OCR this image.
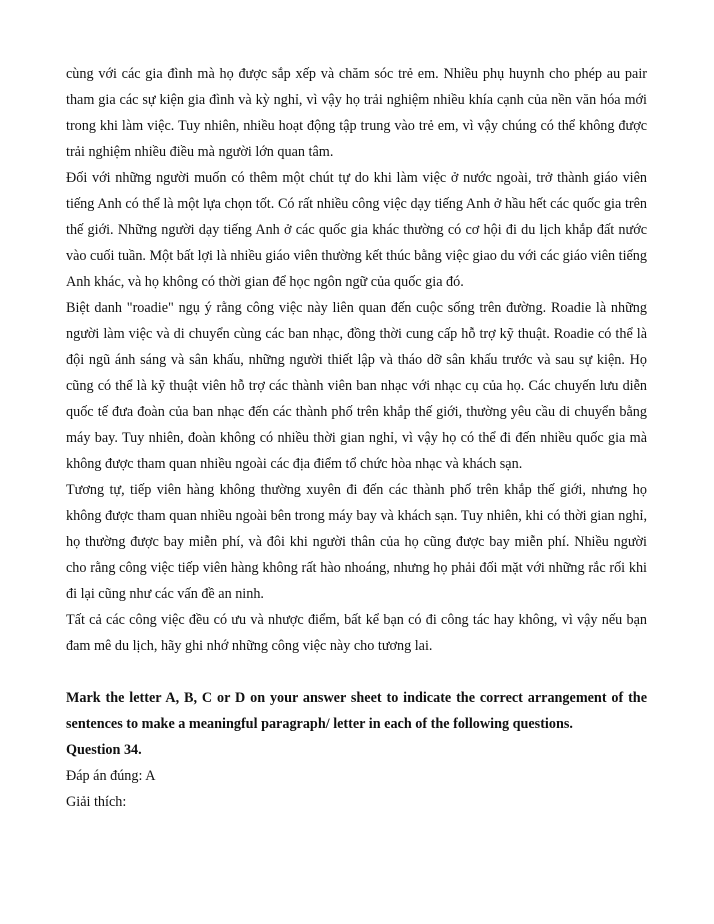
cùng với các gia đình mà họ được sắp xếp và chăm sóc trẻ em. Nhiều phụ huynh cho phép au pair tham gia các sự kiện gia đình và kỳ nghỉ, vì vậy họ trải nghiệm nhiều khía cạnh của nền văn hóa mới trong khi làm việc. Tuy nhiên, nhiều hoạt động tập trung vào trẻ em, vì vậy chúng có thể không được trải nghiệm nhiều điều mà người lớn quan tâm.

Đối với những người muốn có thêm một chút tự do khi làm việc ở nước ngoài, trở thành giáo viên tiếng Anh có thể là một lựa chọn tốt. Có rất nhiều công việc dạy tiếng Anh ở hầu hết các quốc gia trên thế giới. Những người dạy tiếng Anh ở các quốc gia khác thường có cơ hội đi du lịch khắp đất nước vào cuối tuần. Một bất lợi là nhiều giáo viên thường kết thúc bằng việc giao du với các giáo viên tiếng Anh khác, và họ không có thời gian để học ngôn ngữ của quốc gia đó.

Biệt danh "roadie" ngụ ý rằng công việc này liên quan đến cuộc sống trên đường. Roadie là những người làm việc và di chuyển cùng các ban nhạc, đồng thời cung cấp hỗ trợ kỹ thuật. Roadie có thể là đội ngũ ánh sáng và sân khấu, những người thiết lập và tháo dỡ sân khấu trước và sau sự kiện. Họ cũng có thể là kỹ thuật viên hỗ trợ các thành viên ban nhạc với nhạc cụ của họ. Các chuyến lưu diễn quốc tế đưa đoàn của ban nhạc đến các thành phố trên khắp thế giới, thường yêu cầu di chuyển bằng máy bay. Tuy nhiên, đoàn không có nhiều thời gian nghỉ, vì vậy họ có thể đi đến nhiều quốc gia mà không được tham quan nhiều ngoài các địa điểm tổ chức hòa nhạc và khách sạn.

Tương tự, tiếp viên hàng không thường xuyên đi đến các thành phố trên khắp thế giới, nhưng họ không được tham quan nhiều ngoài bên trong máy bay và khách sạn. Tuy nhiên, khi có thời gian nghỉ, họ thường được bay miễn phí, và đôi khi người thân của họ cũng được bay miễn phí. Nhiều người cho rằng công việc tiếp viên hàng không rất hào nhoáng, nhưng họ phải đối mặt với những rắc rối khi đi lại cũng như các vấn đề an ninh.

Tất cả các công việc đều có ưu và nhược điểm, bất kể bạn có đi công tác hay không, vì vậy nếu bạn đam mê du lịch, hãy ghi nhớ những công việc này cho tương lai.

Mark the letter A, B, C or D on your answer sheet to indicate the correct arrangement of the sentences to make a meaningful paragraph/ letter in each of the following questions.

Question 34.

Đáp án đúng: A

Giải thích:
